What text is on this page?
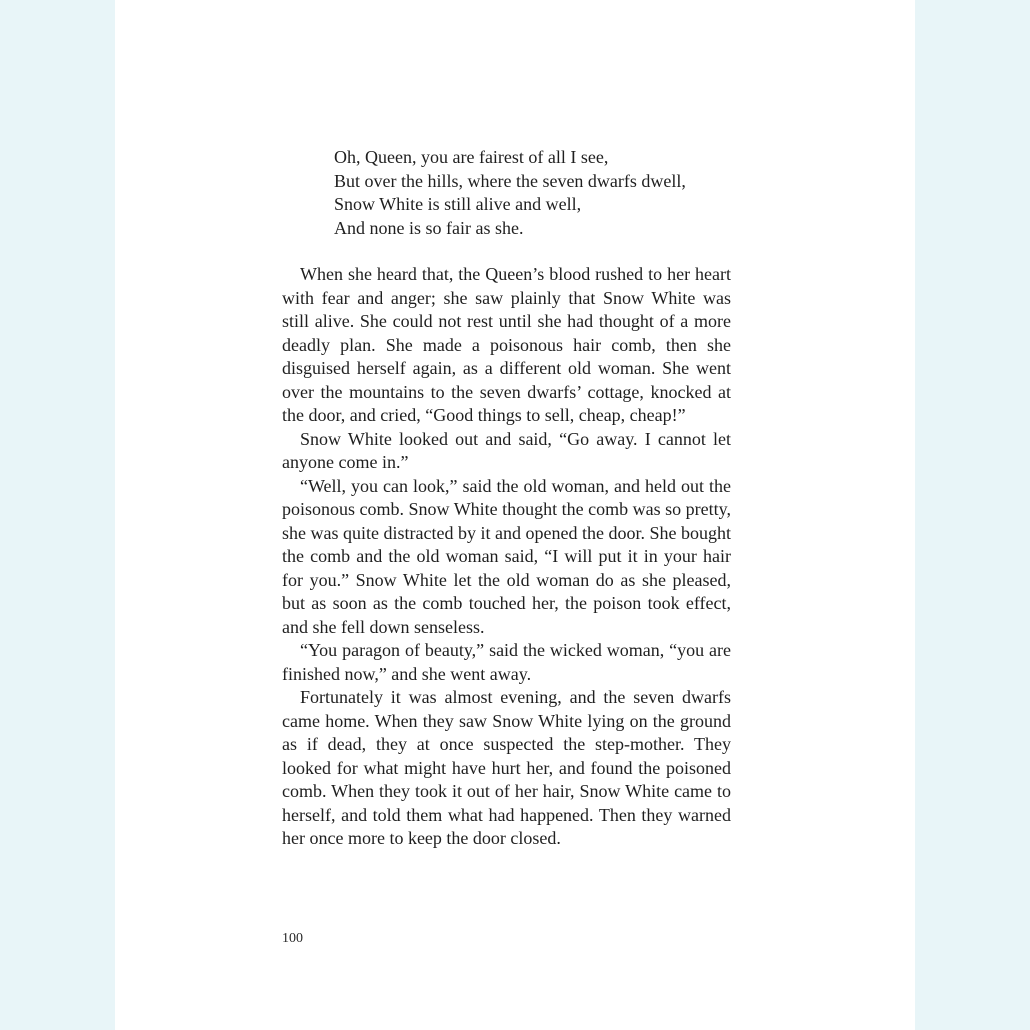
Oh, Queen, you are fairest of all I see,
But over the hills, where the seven dwarfs dwell,
Snow White is still alive and well,
And none is so fair as she.

When she heard that, the Queen’s blood rushed to her heart with fear and anger; she saw plainly that Snow White was still alive. She could not rest until she had thought of a more deadly plan. She made a poisonous hair comb, then she disguised herself again, as a different old woman. She went over the mountains to the seven dwarfs’ cottage, knocked at the door, and cried, “Good things to sell, cheap, cheap!”

Snow White looked out and said, “Go away. I cannot let anyone come in.”

“Well, you can look,” said the old woman, and held out the poisonous comb. Snow White thought the comb was so pretty, she was quite distracted by it and opened the door. She bought the comb and the old woman said, “I will put it in your hair for you.” Snow White let the old woman do as she pleased, but as soon as the comb touched her, the poison took effect, and she fell down senseless.

“You paragon of beauty,” said the wicked woman, “you are finished now,” and she went away.

Fortunately it was almost evening, and the seven dwarfs came home. When they saw Snow White lying on the ground as if dead, they at once suspected the step-mother. They looked for what might have hurt her, and found the poisoned comb. When they took it out of her hair, Snow White came to herself, and told them what had happened. Then they warned her once more to keep the door closed.

100
